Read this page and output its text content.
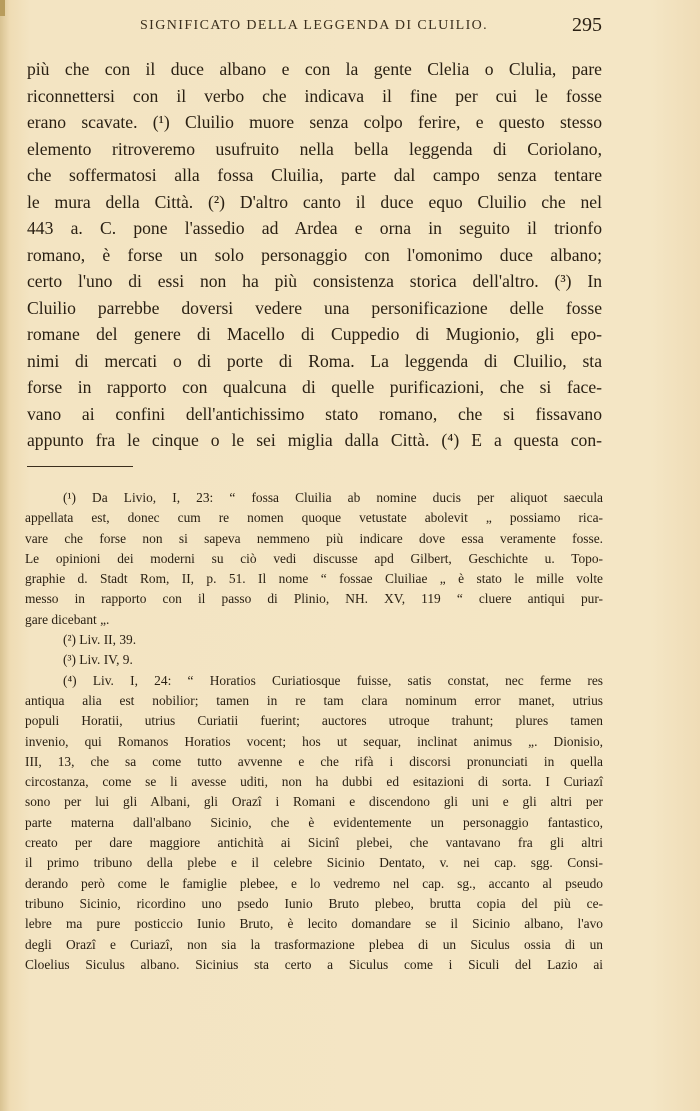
SIGNIFICATO DELLA LEGGENDA DI CLUILIO.	295
più che con il duce albano e con la gente Clelia o Clulia, pare
riconnettersi con il verbo che indicava il fine per cui le fosse
erano scavate. (¹) Cluilio muore senza colpo ferire, e questo stesso
elemento ritroveremo usufruito nella bella leggenda di Coriolano,
che soffermatosi alla fossa Cluilia, parte dal campo senza tentare
le mura della Città. (²) D'altro canto il duce equo Cluilio che nel
443 a. C. pone l'assedio ad Ardea e orna in seguito il trionfo
romano, è forse un solo personaggio con l'omonimo duce albano;
certo l'uno di essi non ha più consistenza storica dell'altro. (³) In
Cluilio parrebbe doversi vedere una personificazione delle fosse
romane del genere di Macello di Cuppedio di Mugionio, gli epo-
nimi di mercati o di porte di Roma. La leggenda di Cluilio, sta
forse in rapporto con qualcuna di quelle purificazioni, che si face-
vano ai confini dell'antichissimo stato romano, che si fissavano
appunto fra le cinque o le sei miglia dalla Città. (⁴) E a questa con-
(¹) Da Livio, I, 23: “ fossa Cluilia ab nomine ducis per aliquot saecula
appellata est, donec cum re nomen quoque vetustate abolevit „ possiamo rica-
vare che forse non si sapeva nemmeno più indicare dove essa veramente fosse.
Le opinioni dei moderni su ciò vedi discusse apd Gilbert, Geschichte u. Topo-
graphie d. Stadt Rom, II, p. 51. Il nome “ fossae Cluiliae „ è stato le mille volte
messo in rapporto con il passo di Plinio, NH. XV, 119 “ cluere antiqui pur-
gare dicebant „.
(²) Liv. II, 39.
(³) Liv. IV, 9.
(⁴) Liv. I, 24: “ Horatios Curiatiosque fuisse, satis constat, nec ferme res
antiqua alia est nobilior; tamen in re tam clara nominum error manet, utrius
populi Horatii, utrius Curiatii fuerint; auctores utroque trahunt; plures tamen
invenio, qui Romanos Horatios vocent; hos ut sequar, inclinat animus „. Dionisio,
III, 13, che sa come tutto avvenne e che rifà i discorsi pronunciati in quella
circostanza, come se li avesse uditi, non ha dubbi ed esitazioni di sorta. I Curiazî
sono per lui gli Albani, gli Orazî i Romani e discendono gli uni e gli altri per
parte materna dall'albano Sicinio, che è evidentemente un personaggio fantastico,
creato per dare maggiore antichità ai Sicinî plebei, che vantavano fra gli altri
il primo tribuno della plebe e il celebre Sicinio Dentato, v. nei cap. sgg. Consi-
derando però come le famiglie plebee, e lo vedremo nel cap. sg., accanto al pseudo
tribuno Sicinio, ricordino uno psedo Iunio Bruto plebeo, brutta copia del più ce-
lebre ma pure posticcio Iunio Bruto, è lecito domandare se il Sicinio albano, l'avo
degli Orazî e Curiazî, non sia la trasformazione plebea di un Siculus ossia di un
Cloelius Siculus albano. Sicinius sta certo a Siculus come i Siculi del Lazio ai
